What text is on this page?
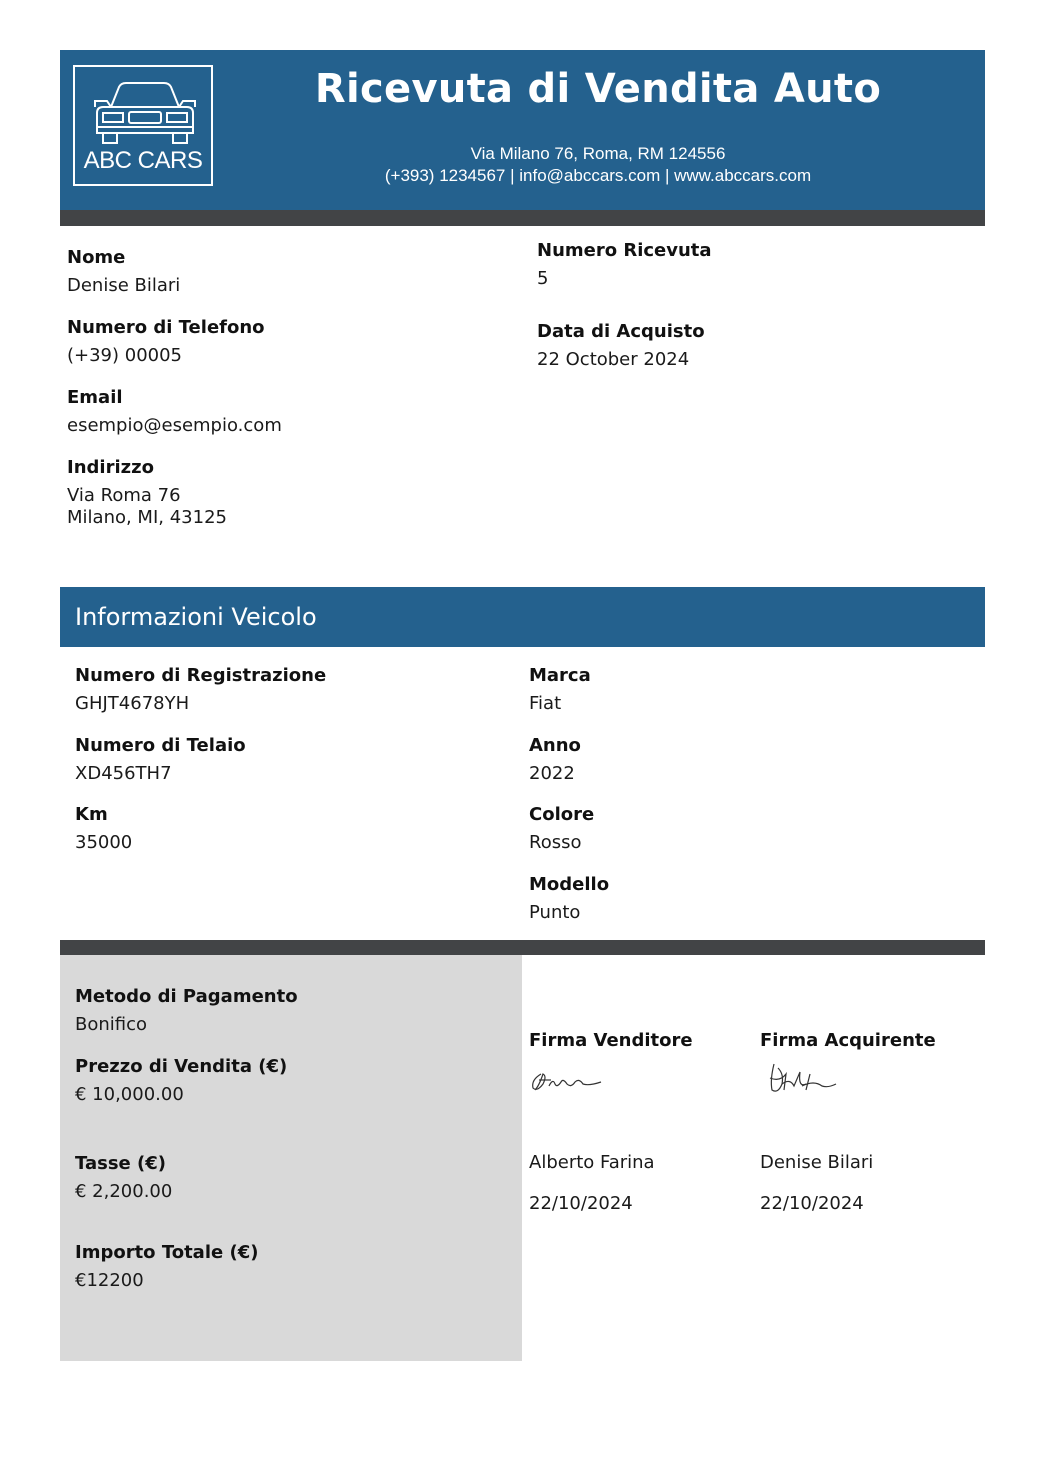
ABC CARS
Ricevuta di Vendita Auto
Via Milano 76, Roma, RM 124556
(+393) 1234567 | info@abccars.com | www.abccars.com
Nome
Denise Bilari
Numero di Telefono
(+39) 00005
Email
esempio@esempio.com
Indirizzo
Via Roma 76
Milano, MI, 43125
Numero Ricevuta
5
Data di Acquisto
22 October 2024
Informazioni Veicolo
Numero di Registrazione
GHJT4678YH
Numero di Telaio
XD456TH7
Km
35000
Marca
Fiat
Anno
2022
Colore
Rosso
Modello
Punto
Metodo di Pagamento
Bonifico
Prezzo di Vendita (€)
€ 10,000.00
Tasse (€)
€ 2,200.00
Importo Totale (€)
€12200
Firma Venditore
Alberto Farina
22/10/2024
Firma Acquirente
Denise Bilari
22/10/2024
